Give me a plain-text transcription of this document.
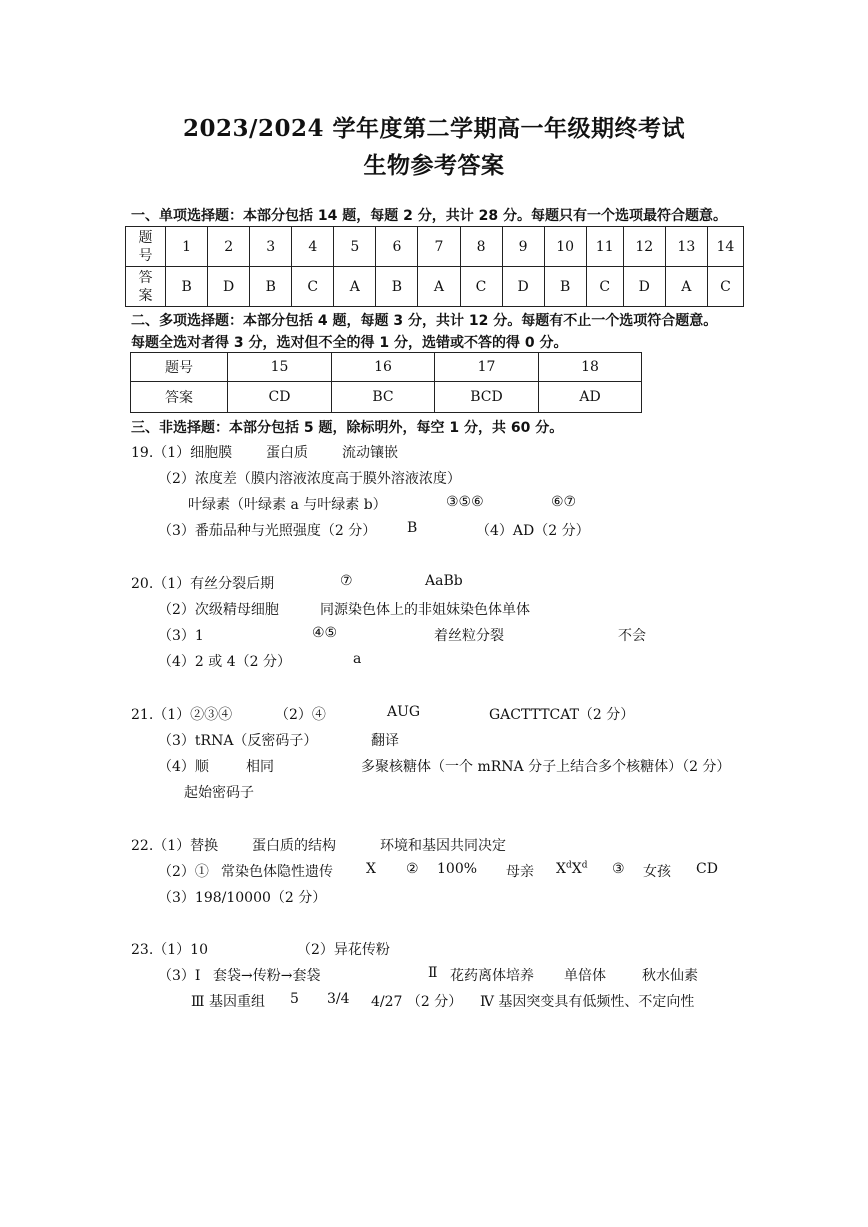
2023/2024 学年度第二学期高一年级期终考试
生物参考答案
一、单项选择题：本部分包括 14 题，每题 2 分，共计 28 分。每题只有一个选项最符合题意。
题号	1	2	3	4	5	6	7	8	9	10	11	12	13	14
答案	B	D	B	C	A	B	A	C	D	B	C	D	A	C
二、多项选择题：本部分包括 4 题，每题 3 分，共计 12 分。每题有不止一个选项符合题意。
每题全选对者得 3 分，选对但不全的得 1 分，选错或不答的得 0 分。
题号	15	16	17	18
答案	CD	BC	BCD	AD
三、非选择题：本部分包括 5 题，除标明外，每空 1 分，共 60 分。
19.（1）细胞膜 蛋白质 流动镶嵌
（2）浓度差（膜内溶液浓度高于膜外溶液浓度）
叶绿素（叶绿素 a 与叶绿素 b）	③⑤⑥	⑥⑦
（3）番茄品种与光照强度（2 分） B	（4）AD（2 分）
20.（1）有丝分裂后期	⑦	AaBb
（2）次级精母细胞	同源染色体上的非姐妹染色体单体
（3）1	④⑤	着丝粒分裂	不会
（4）2 或 4（2 分）	a
21.（1）②③④	（2）④	AUG	GACTTTCAT（2 分）
（3）tRNA（反密码子）	翻译
（4）顺	相同	多聚核糖体（一个 mRNA 分子上结合多个核糖体）（2 分）
起始密码子
22.（1）替换 蛋白质的结构	环境和基因共同决定
（2）① 常染色体隐性遗传 X ② 100% 母亲 $X^dX^d$ ③ 女孩 CD
（3）198/10000（2 分）
23.（1）10	（2）异花传粉
（3）Ⅰ 套袋→传粉→套袋	Ⅱ 花药离体培养 单倍体	秋水仙素
Ⅲ 基因重组 5 3/4 4/27 （2 分） Ⅳ 基因突变具有低频性、不定向性
